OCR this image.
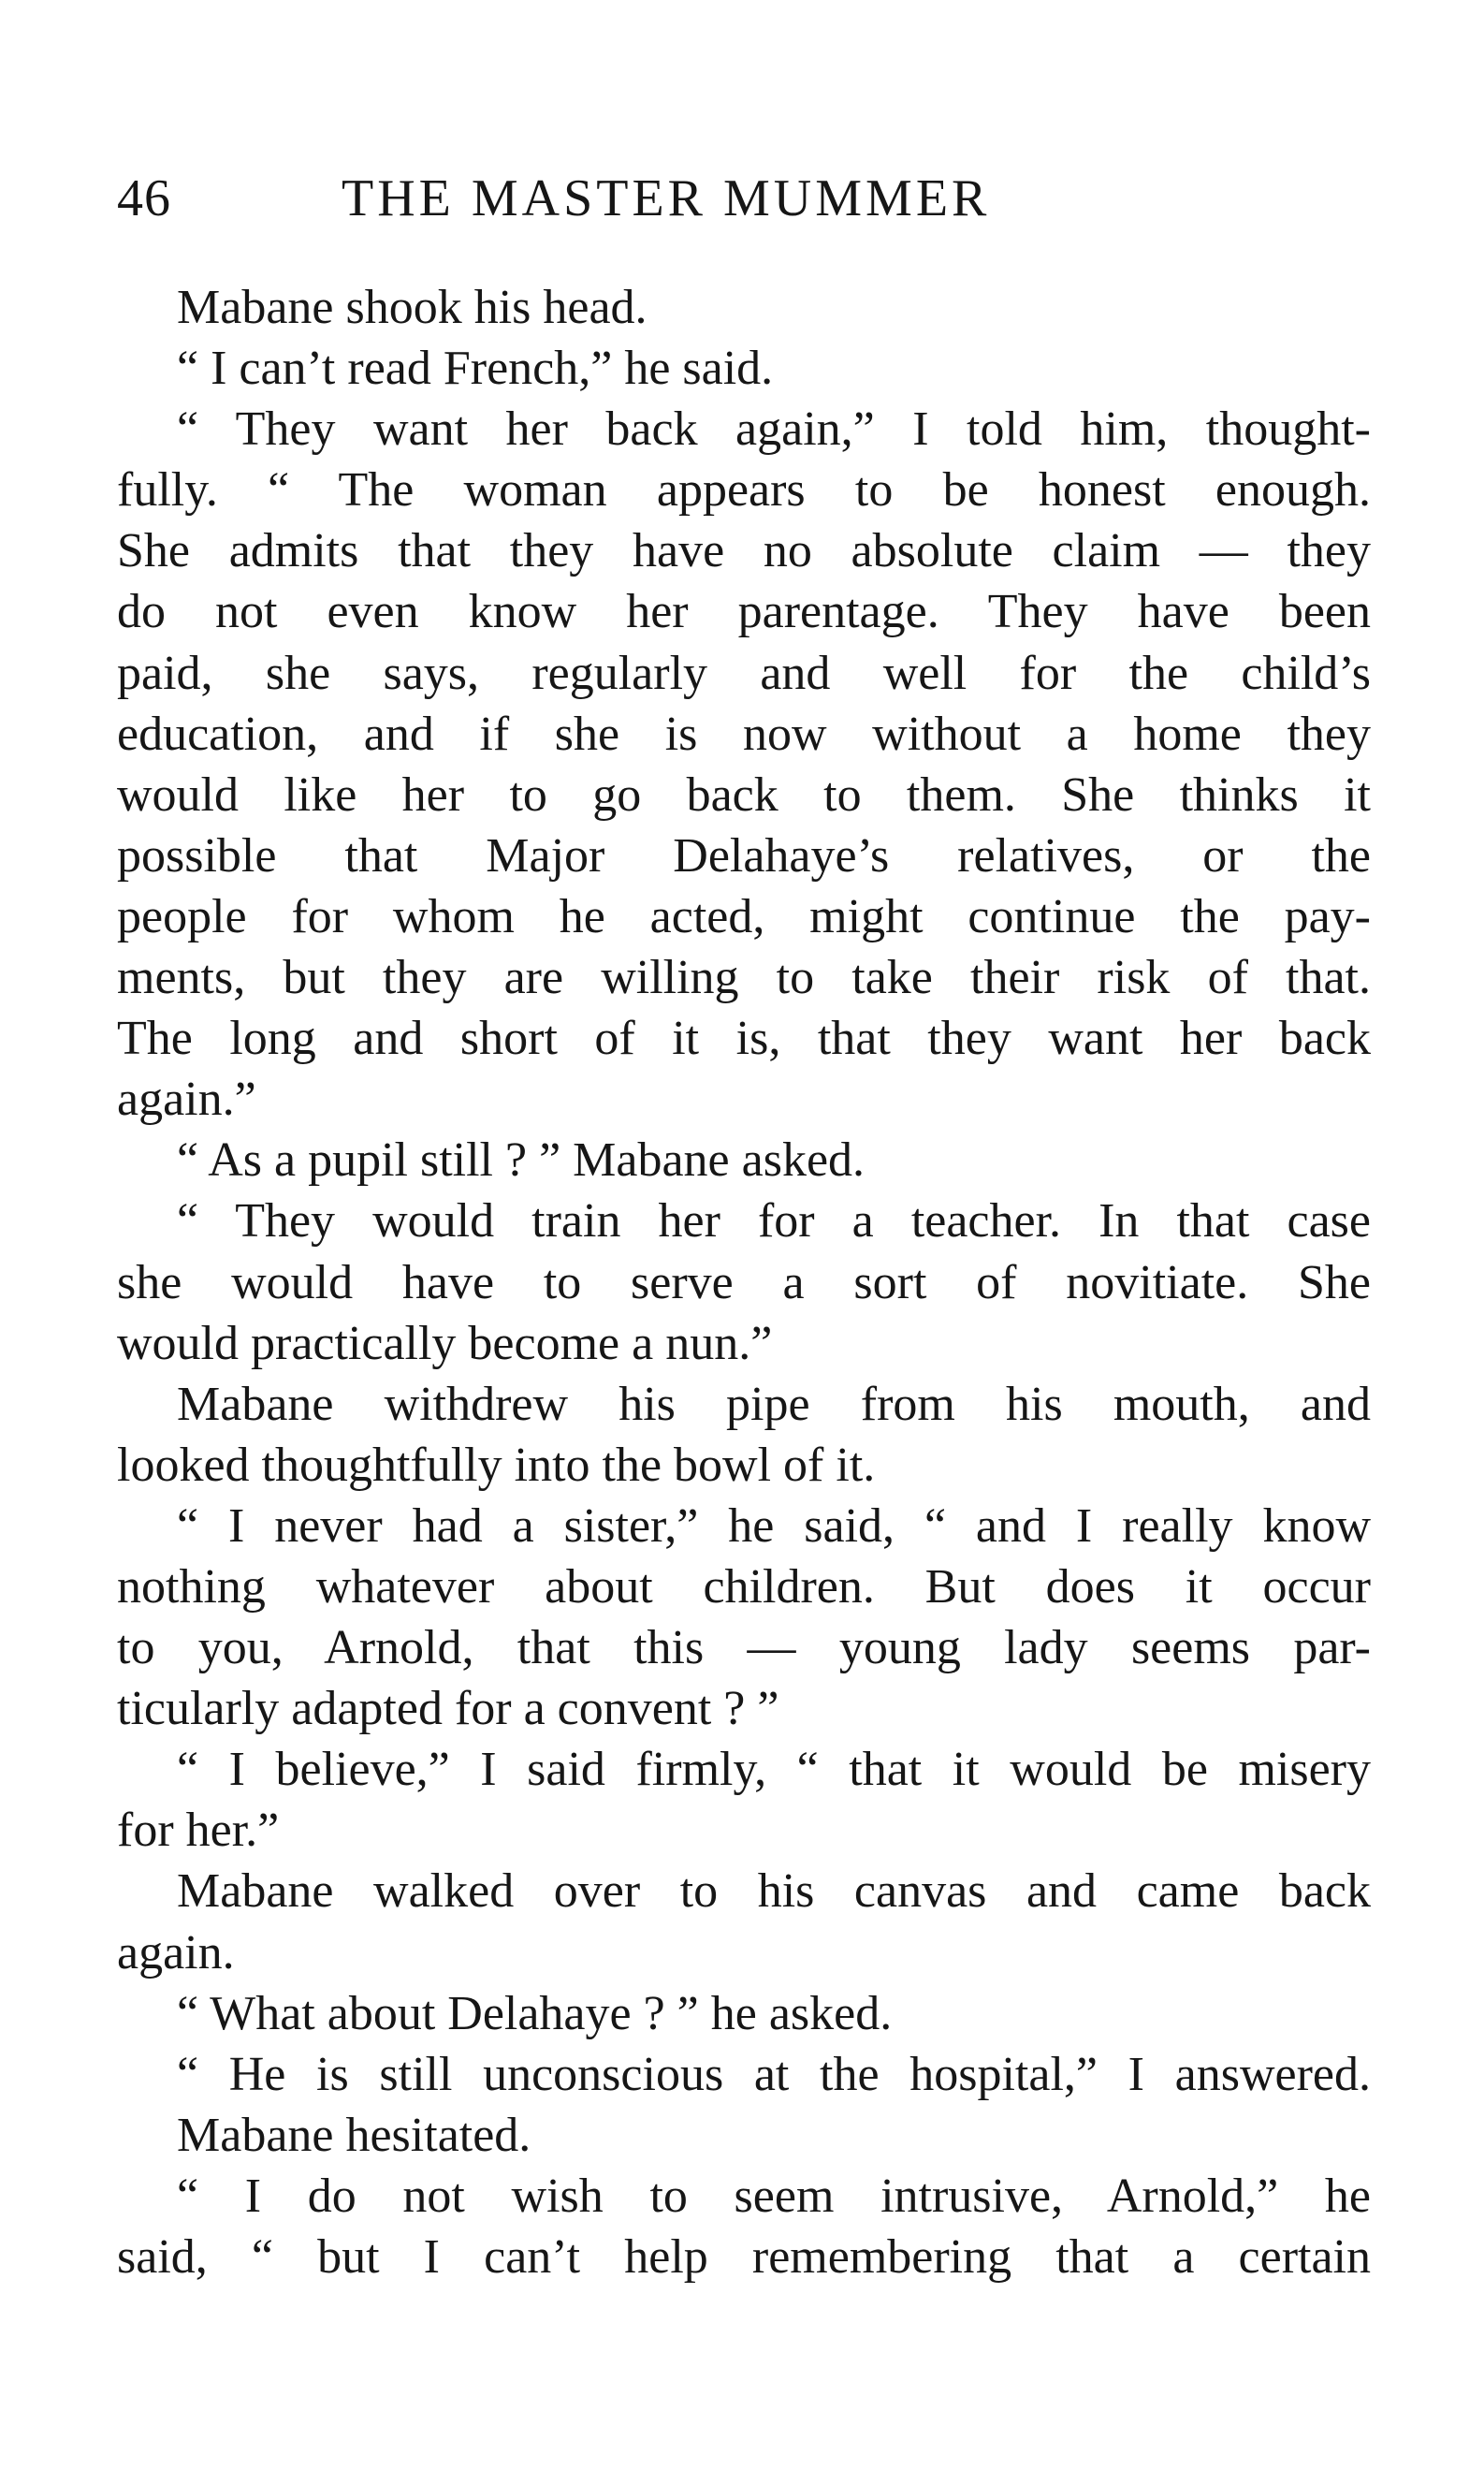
46	THE MASTER MUMMER
Mabane shook his head.
“ I can’t read French,” he said.
“ They want her back again,” I told him, thought-
fully. “ The woman appears to be honest enough.
She admits that they have no absolute claim — they
do not even know her parentage. They have been
paid, she says, regularly and well for the child’s
education, and if she is now without a home they
would like her to go back to them. She thinks it
possible that Major Delahaye’s relatives, or the
people for whom he acted, might continue the pay-
ments, but they are willing to take their risk of that.
The long and short of it is, that they want her back
again.”
“ As a pupil still ? ” Mabane asked.
“ They would train her for a teacher. In that case
she would have to serve a sort of novitiate. She
would practically become a nun.”
Mabane withdrew his pipe from his mouth, and
looked thoughtfully into the bowl of it.
“ I never had a sister,” he said, “ and I really know
nothing whatever about children. But does it occur
to you, Arnold, that this — young lady seems par-
ticularly adapted for a convent ? ”
“ I believe,” I said firmly, “ that it would be misery
for her.”
Mabane walked over to his canvas and came back
again.
“ What about Delahaye ? ” he asked.
“ He is still unconscious at the hospital,” I answered.
Mabane hesitated.
“ I do not wish to seem intrusive, Arnold,” he
said, “ but I can’t help remembering that a certain
